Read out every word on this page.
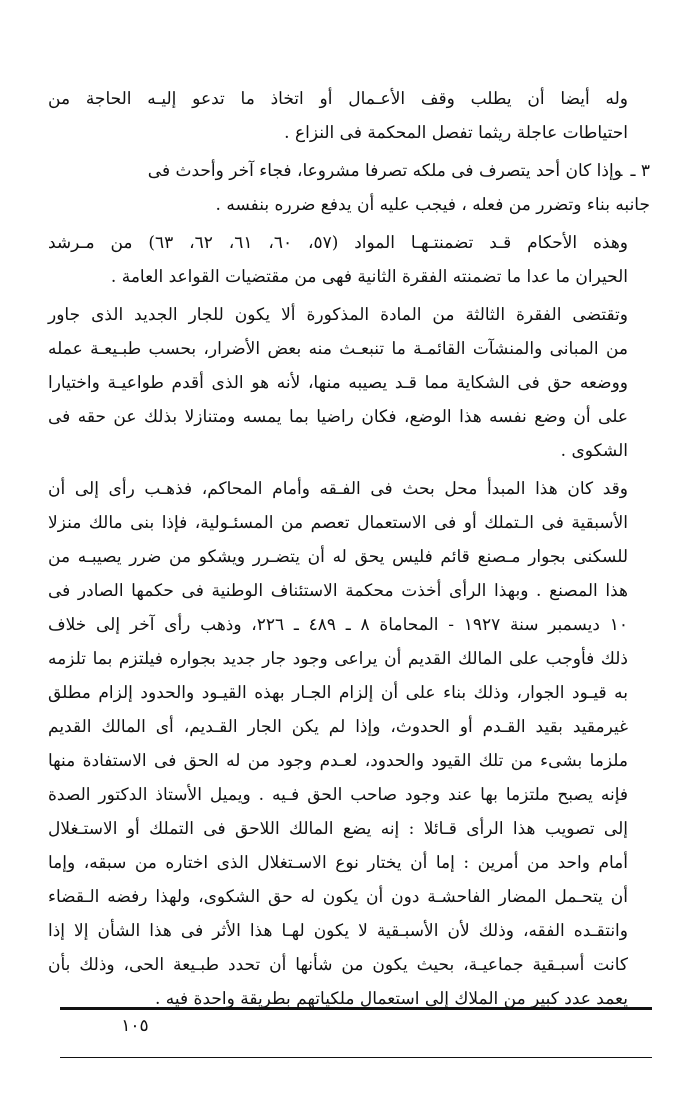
وله أيضا أن يطلب وقف الأعـمال أو اتخاذ ما تدعو إليـه الحاجة من
احتياطات عاجلة ريثما تفصل المحكمة فى النزاع .
٣ ـوإذا كان أحد يتصرف فى ملكه تصرفا مشروعا، فجاء آخر وأحدث فى

جانبه بناء وتضرر من فعله ، فيجب عليه أن يدفع ضرره بنفسه .
وهذه الأحكام قـد تضمنتـهـا المواد (٥٧، ٦٠، ٦١، ٦٢، ٦٣) من مـرشد
الحيران ما عدا ما تضمنته الفقرة الثانية فهى من مقتضيات القواعد العامة .
وتقتضى الفقرة الثالثة من المادة المذكورة ألا يكون للجار الجديد الذى جاور
من المبانى والمنشآت القائمـة ما تنبعـث منه بعض الأضرار، بحسب طبـيعـة عمله
ووضعه حق فى الشكاية مما قـد يصيبه منها، لأنه هو الذى أقدم طواعيـة واختيارا
على أن وضع نفسه هذا الوضع، فكان راضيا بما يمسه ومتنازلا بذلك عن حقه فى
الشكوى .
وقد كان هذا المبدأ محل بحث فى الفـقه وأمام المحاكم، فذهـب رأى إلى أن
الأسبقية فى الـتملك أو فى الاستعمال تعصم من المسئـولية، فإذا بنى مالك منزلا
للسكنى بجوار مـصنع قائم فليس يحق له أن يتضـرر ويشكو من ضرر يصيبـه من
هذا المصنع . وبهذا الرأى أخذت محكمة الاستئناف الوطنية فى حكمها الصادر فى
١٠ ديسمبر سنة ١٩٢٧ - المحاماة ٨ ـ ٤٨٩ ـ ٢٢٦، وذهب رأى آخر إلى خلاف
ذلك فأوجب على المالك القديم أن يراعى وجود جار جديد بجواره فيلتزم بما تلزمه
به قيـود الجوار، وذلك بناء على أن إلزام الجـار بهذه القيـود والحدود إلزام مطلق
غيرمقيد بقيد القـدم أو الحدوث، وإذا لم يكن الجار القـديم، أى المالك القديم
ملزما بشىء من تلك القيود والحدود، لعـدم وجود من له الحق فى الاستفادة منها
فإنه يصبح ملتزما بها عند وجود صاحب الحق فـيه . ويميل الأستاذ الدكتور الصدة
إلى تصويب هذا الرأى قـائلا : إنه يضع المالك اللاحق فى التملك أو الاستـغلال
أمام واحد من أمرين : إما أن يختار نوع الاسـتغلال الذى اختاره من سبقه، وإما
أن يتحـمل المضار الفاحشـة دون أن يكون له حق الشكوى، ولهذا رفضه الـقضاء
وانتقـده الفقه، وذلك لأن الأسبـقية لا يكون لهـا هذا الأثر فى هذا الشأن إلا إذا
كانت أسبـقية جماعيـة، بحيث يكون من شأنها أن تحدد طبـيعة الحى، وذلك بأن
يعمد عدد كبير من الملاك إلى استعمال ملكياتهم بطريقة واحدة فيه .
١٠٥
